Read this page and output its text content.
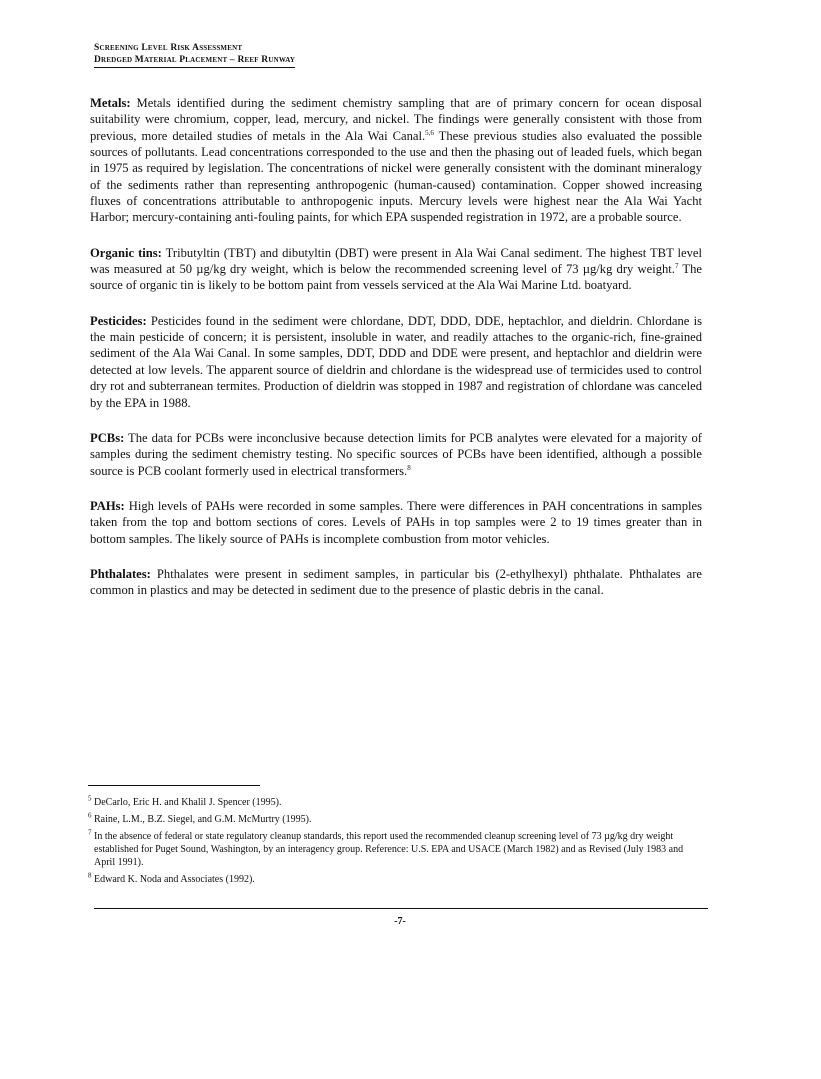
Screening Level Risk Assessment
Dredged Material Placement – Reef Runway

Metals: Metals identified during the sediment chemistry sampling that are of primary concern for ocean disposal suitability were chromium, copper, lead, mercury, and nickel. The findings were generally consistent with those from previous, more detailed studies of metals in the Ala Wai Canal.$^{5,6}$ These previous studies also evaluated the possible sources of pollutants. Lead concentrations corresponded to the use and then the phasing out of leaded fuels, which began in 1975 as required by legislation. The concentrations of nickel were generally consistent with the dominant mineralogy of the sediments rather than representing anthropogenic (human-caused) contamination. Copper showed increasing fluxes of concentrations attributable to anthropogenic inputs. Mercury levels were highest near the Ala Wai Yacht Harbor; mercury-containing anti-fouling paints, for which EPA suspended registration in 1972, are a probable source.

Organic tins: Tributyltin (TBT) and dibutyltin (DBT) were present in Ala Wai Canal sediment. The highest TBT level was measured at 50 µg/kg dry weight, which is below the recommended screening level of 73 µg/kg dry weight.$^7$ The source of organic tin is likely to be bottom paint from vessels serviced at the Ala Wai Marine Ltd. boatyard.

Pesticides: Pesticides found in the sediment were chlordane, DDT, DDD, DDE, heptachlor, and dieldrin. Chlordane is the main pesticide of concern; it is persistent, insoluble in water, and readily attaches to the organic-rich, fine-grained sediment of the Ala Wai Canal. In some samples, DDT, DDD and DDE were present, and heptachlor and dieldrin were detected at low levels. The apparent source of dieldrin and chlordane is the widespread use of termicides used to control dry rot and subterranean termites. Production of dieldrin was stopped in 1987 and registration of chlordane was canceled by the EPA in 1988.

PCBs: The data for PCBs were inconclusive because detection limits for PCB analytes were elevated for a majority of samples during the sediment chemistry testing. No specific sources of PCBs have been identified, although a possible source is PCB coolant formerly used in electrical transformers.$^8$

PAHs: High levels of PAHs were recorded in some samples. There were differences in PAH concentrations in samples taken from the top and bottom sections of cores. Levels of PAHs in top samples were 2 to 19 times greater than in bottom samples. The likely source of PAHs is incomplete combustion from motor vehicles.

Phthalates: Phthalates were present in sediment samples, in particular bis (2-ethylhexyl) phthalate. Phthalates are common in plastics and may be detected in sediment due to the presence of plastic debris in the canal.

$^5$ DeCarlo, Eric H. and Khalil J. Spencer (1995).
$^6$ Raine, L.M., B.Z. Siegel, and G.M. McMurtry (1995).
$^7$ In the absence of federal or state regulatory cleanup standards, this report used the recommended cleanup screening level of 73 µg/kg dry weight established for Puget Sound, Washington, by an interagency group. Reference: U.S. EPA and USACE (March 1982) and as Revised (July 1983 and April 1991).
$^8$ Edward K. Noda and Associates (1992).
-7-
